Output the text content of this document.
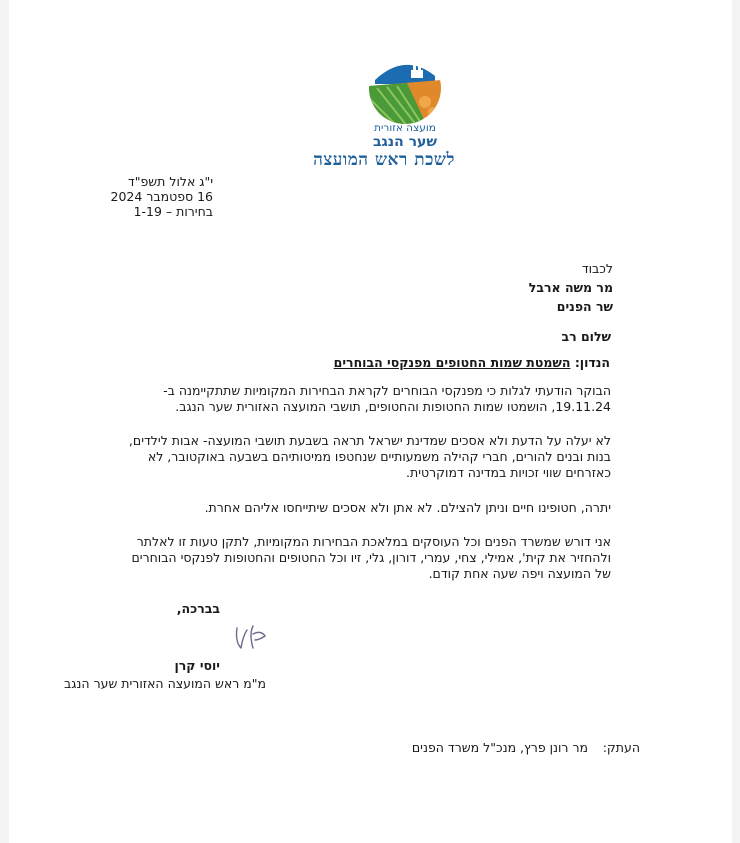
מועצה אזורית
שער הנגב
לשכת ראש המועצה
י"ג אלול תשפ"ד
16 ספטמבר 2024
בחירות – 1-19
לכבוד
מר משה ארבל
שר הפנים
שלום רב
הנדון: השמטת שמות החטופים מפנקסי הבוחרים
הבוקר הודעתי לגלות כי מפנקסי הבוחרים לקראת הבחירות המקומיות שתתקיימנה ב-
19.11.24, הושמטו שמות החטופות והחטופים, תושבי המועצה האזורית שער הנגב.
לא יעלה על הדעת ולא אסכים שמדינת ישראל תראה בשבעת תושבי המועצה- אבות לילדים,
בנות ובנים להורים, חברי קהילה משמעותיים שנחטפו ממיטותיהם בשבעה באוקטובר, לא
כאזרחים שווי זכויות במדינה דמוקרטית.
יתרה, חטופינו חיים וניתן להצילם. לא אתן ולא אסכים שיתייחסו אליהם אחרת.
אני דורש שמשרד הפנים וכל העוסקים במלאכת הבחירות המקומיות, לתקן טעות זו לאלתר
ולהחזיר את קית', אמילי, צחי, עמרי, דורון, גלי, זיו וכל החטופים והחטופות לפנקסי הבוחרים
של המועצה ויפה שעה אחת קודם.
בברכה,
יוסי קרן
מ"מ ראש המועצה האזורית שער הנגב
העתק:
מר רונן פרץ, מנכ"ל משרד הפנים
